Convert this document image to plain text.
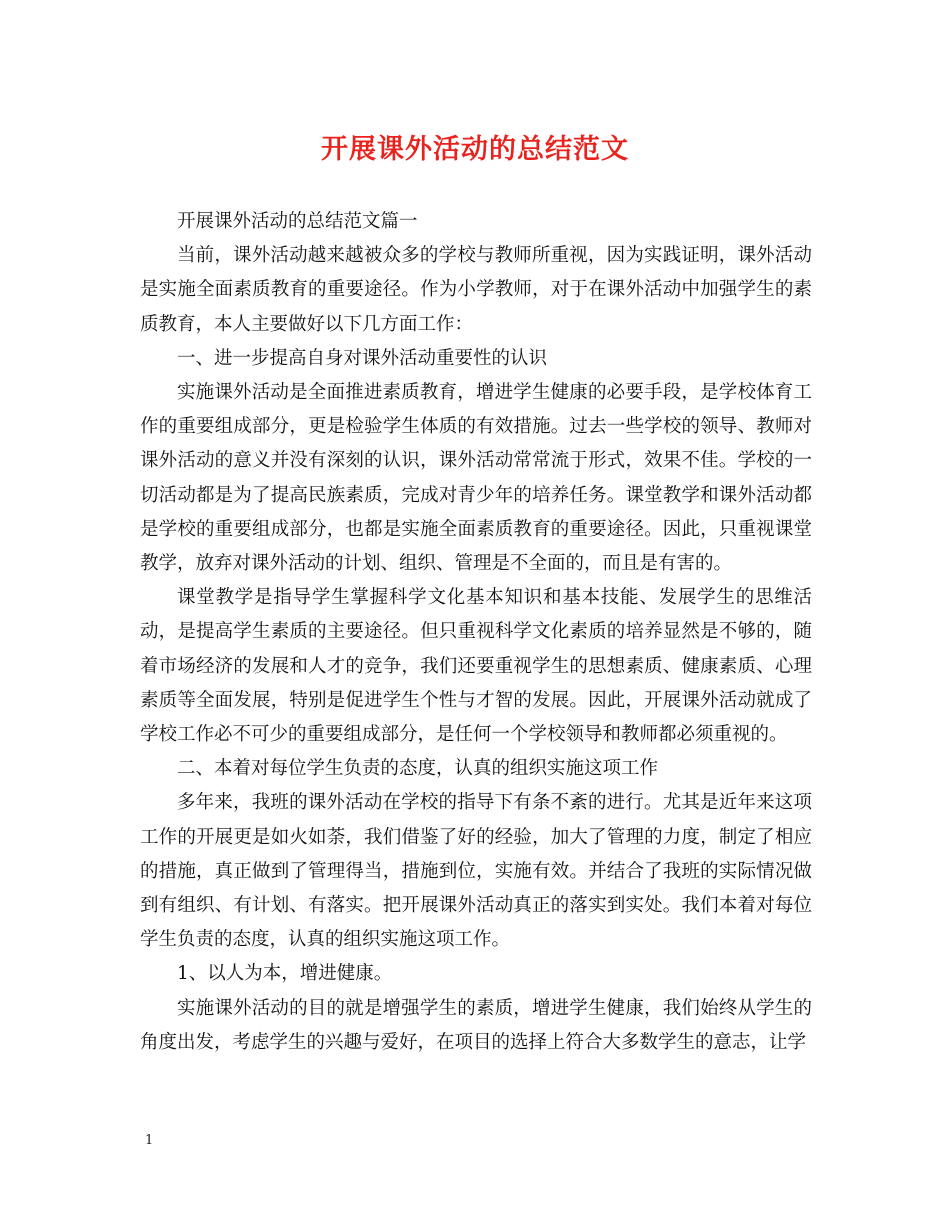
开展课外活动的总结范文

开展课外活动的总结范文篇一

当前，课外活动越来越被众多的学校与教师所重视，因为实践证明，课外活动是实施全面素质教育的重要途径。作为小学教师，对于在课外活动中加强学生的素质教育，本人主要做好以下几方面工作：

一、进一步提高自身对课外活动重要性的认识

实施课外活动是全面推进素质教育，增进学生健康的必要手段，是学校体育工作的重要组成部分，更是检验学生体质的有效措施。过去一些学校的领导、教师对课外活动的意义并没有深刻的认识，课外活动常常流于形式，效果不佳。学校的一切活动都是为了提高民族素质，完成对青少年的培养任务。课堂教学和课外活动都是学校的重要组成部分，也都是实施全面素质教育的重要途径。因此，只重视课堂教学，放弃对课外活动的计划、组织、管理是不全面的，而且是有害的。

课堂教学是指导学生掌握科学文化基本知识和基本技能、发展学生的思维活动，是提高学生素质的主要途径。但只重视科学文化素质的培养显然是不够的，随着市场经济的发展和人才的竞争，我们还要重视学生的思想素质、健康素质、心理素质等全面发展，特别是促进学生个性与才智的发展。因此，开展课外活动就成了学校工作必不可少的重要组成部分，是任何一个学校领导和教师都必须重视的。

二、本着对每位学生负责的态度，认真的组织实施这项工作

多年来，我班的课外活动在学校的指导下有条不紊的进行。尤其是近年来这项工作的开展更是如火如荼，我们借鉴了好的经验，加大了管理的力度，制定了相应的措施，真正做到了管理得当，措施到位，实施有效。并结合了我班的实际情况做到有组织、有计划、有落实。把开展课外活动真正的落实到实处。我们本着对每位学生负责的态度，认真的组织实施这项工作。

1、以人为本，增进健康。

实施课外活动的目的就是增强学生的素质，增进学生健康，我们始终从学生的角度出发，考虑学生的兴趣与爱好，在项目的选择上符合大多数学生的意志，让学

1
